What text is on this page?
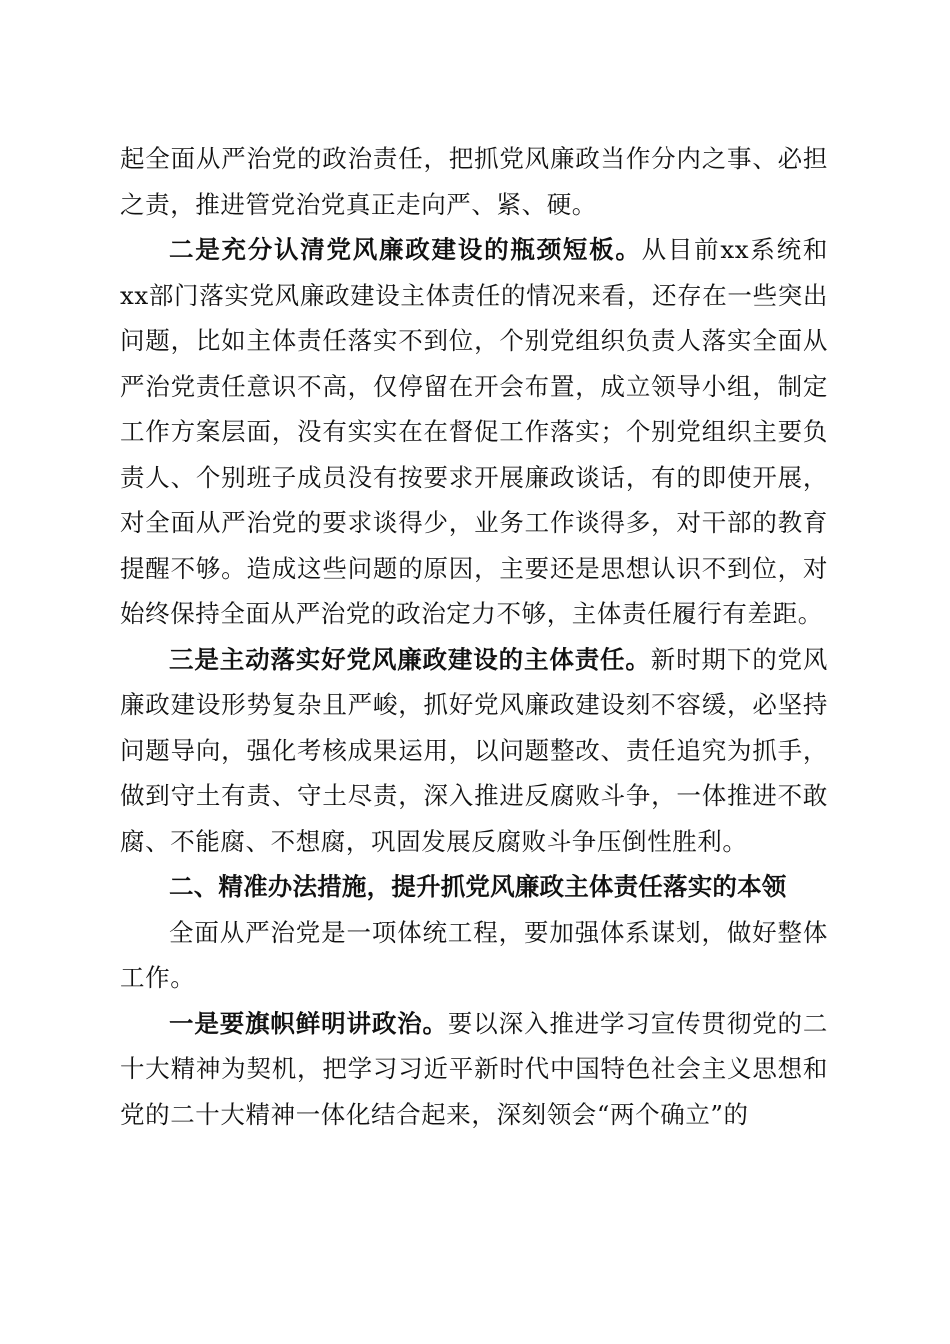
起全面从严治党的政治责任，把抓党风廉政当作分内之事、必担之责，推进管党治党真正走向严、紧、硬。

二是充分认清党风廉政建设的瓶颈短板。从目前xx系统和xx部门落实党风廉政建设主体责任的情况来看，还存在一些突出问题，比如主体责任落实不到位，个别党组织负责人落实全面从严治党责任意识不高，仅停留在开会布置，成立领导小组，制定工作方案层面，没有实实在在督促工作落实；个别党组织主要负责人、个别班子成员没有按要求开展廉政谈话，有的即使开展，对全面从严治党的要求谈得少，业务工作谈得多，对干部的教育提醒不够。造成这些问题的原因，主要还是思想认识不到位，对始终保持全面从严治党的政治定力不够，主体责任履行有差距。

三是主动落实好党风廉政建设的主体责任。新时期下的党风廉政建设形势复杂且严峻，抓好党风廉政建设刻不容缓，必坚持问题导向，强化考核成果运用，以问题整改、责任追究为抓手，做到守土有责、守土尽责，深入推进反腐败斗争，一体推进不敢腐、不能腐、不想腐，巩固发展反腐败斗争压倒性胜利。

二、精准办法措施，提升抓党风廉政主体责任落实的本领

全面从严治党是一项体统工程，要加强体系谋划，做好整体工作。

一是要旗帜鲜明讲政治。要以深入推进学习宣传贯彻党的二十大精神为契机，把学习习近平新时代中国特色社会主义思想和党的二十大精神一体化结合起来，深刻领会“两个确立”的
